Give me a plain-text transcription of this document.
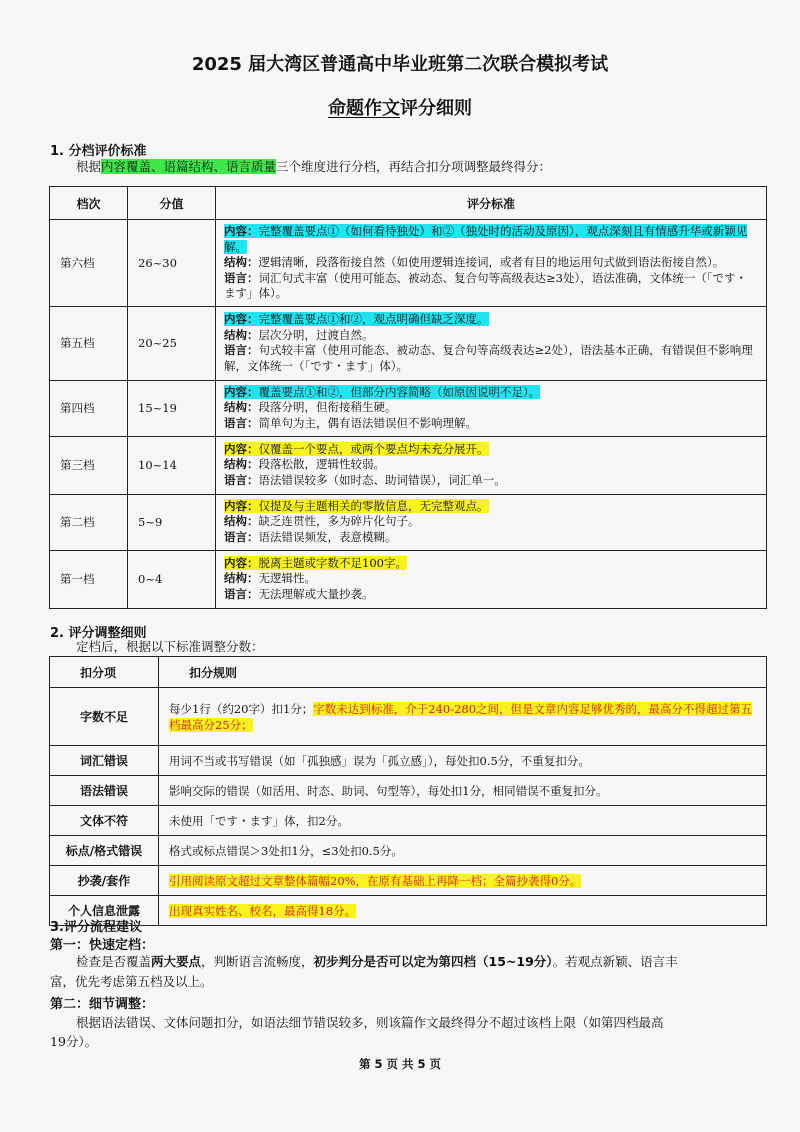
2025 届大湾区普通高中毕业班第二次联合模拟考试
命题作文评分细则
1. 分档评价标准
根据内容覆盖、语篇结构、语言质量三个维度进行分档，再结合扣分项调整最终得分：
档次	分值	评分标准
第六档	26~30	内容：完整覆盖要点①（如何看待独处）和②（独处时的活动及原因），观点深刻且有情感升华或新颖见解。
结构：逻辑清晰，段落衔接自然（如使用逻辑连接词，或者有目的地运用句式做到语法衔接自然）。
语言：词汇句式丰富（使用可能态、被动态、复合句等高级表达≥3处），语法准确，文体统一（「です・ます」体）。

第五档	20~25	内容：完整覆盖要点①和②，观点明确但缺乏深度。
结构：层次分明，过渡自然。
语言：句式较丰富（使用可能态、被动态、复合句等高级表达≥2处），语法基本正确，有错误但不影响理解，文体统一（「です・ます」体）。

第四档	15~19	内容：覆盖要点①和②，但部分内容简略（如原因说明不足）。
结构：段落分明，但衔接稍生硬。
语言：简单句为主，偶有语法错误但不影响理解。

第三档	10~14	内容：仅覆盖一个要点，或两个要点均未充分展开。
结构：段落松散，逻辑性较弱。
语言：语法错误较多（如时态、助词错误），词汇单一。

第二档	5~9	内容：仅提及与主题相关的零散信息，无完整观点。
结构：缺乏连贯性，多为碎片化句子。
语言：语法错误频发，表意模糊。

第一档	0~4	内容：脱离主题或字数不足100字。
结构：无逻辑性。
语言：无法理解或大量抄袭。
2. 评分调整细则
定档后，根据以下标准调整分数：
扣分项	扣分规则
字数不足	每少1行（约20字）扣1分；字数未达到标准，介于240-280之间，但是文章内容足够优秀的，最高分不得超过第五档最高分25分；
词汇错误	用词不当或书写错误（如「孤独感」误为「孤立感」），每处扣0.5分，不重复扣分。
语法错误	影响交际的错误（如活用、时态、助词、句型等），每处扣1分，相同错误不重复扣分。
文体不符	未使用「です・ます」体，扣2分。
标点/格式错误	格式或标点错误＞3处扣1分，≤3处扣0.5分。
抄袭/套作	引用阅读原文超过文章整体篇幅20%，在原有基础上再降一档；全篇抄袭得0分。
个人信息泄露	出现真实姓名、校名，最高得18分。
3.评分流程建议
第一：快速定档：
检查是否覆盖两大要点，判断语言流畅度，初步判分是否可以定为第四档（15~19分）。若观点新颖、语言丰
富，优先考虑第五档及以上。
第二：细节调整：
根据语法错误、文体问题扣分，如语法细节错误较多，则该篇作文最终得分不超过该档上限（如第四档最高
19分）。
第 5 页 共 5 页
